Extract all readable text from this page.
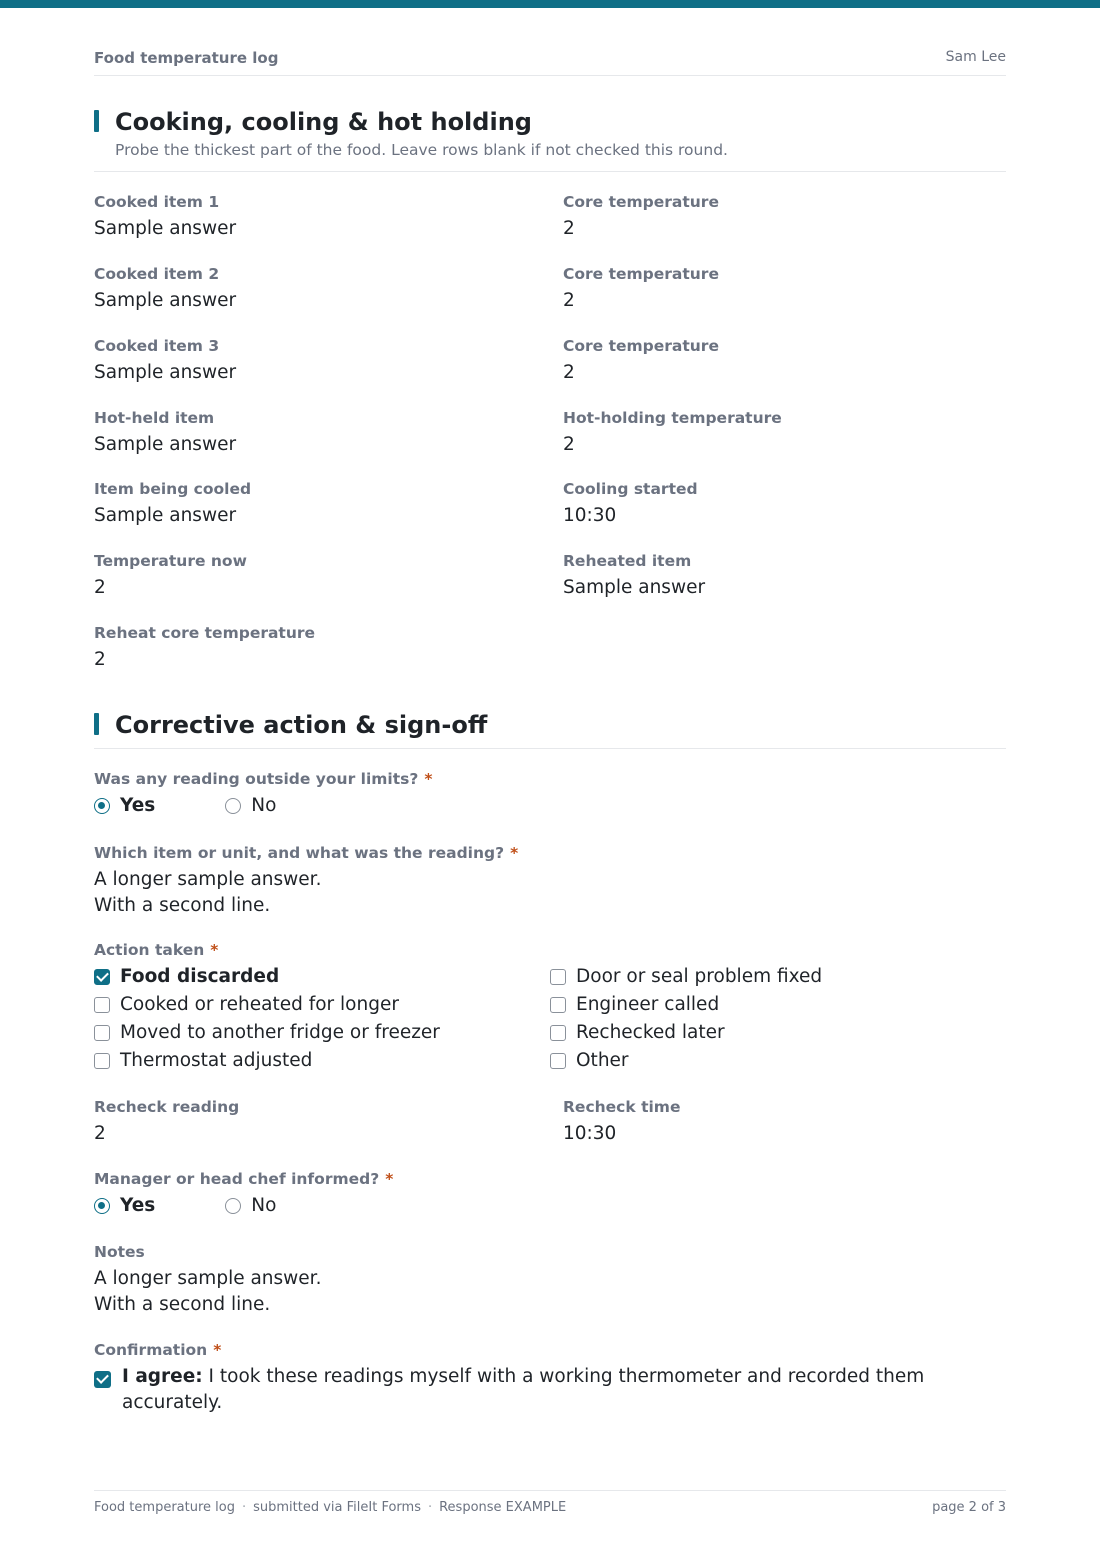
Food temperature log	Sam Lee
Cooking, cooling & hot holding
Probe the thickest part of the food. Leave rows blank if not checked this round.
Cooked item 1
Sample answer
Core temperature
2
Cooked item 2
Sample answer
Core temperature
2
Cooked item 3
Sample answer
Core temperature
2
Hot-held item
Sample answer
Hot-holding temperature
2
Item being cooled
Sample answer
Cooling started
10:30
Temperature now
2
Reheated item
Sample answer
Reheat core temperature
2
Corrective action & sign-off
Was any reading outside your limits? *
Yes	No
Which item or unit, and what was the reading? *
A longer sample answer.
With a second line.
Action taken *
Food discarded
Cooked or reheated for longer
Moved to another fridge or freezer
Thermostat adjusted
Door or seal problem fixed
Engineer called
Rechecked later
Other
Recheck reading
2
Recheck time
10:30
Manager or head chef informed? *
Yes	No
Notes
A longer sample answer.
With a second line.
Confirmation *
I agree: I took these readings myself with a working thermometer and recorded them accurately.
Food temperature log · submitted via FileIt Forms · Response EXAMPLE	page 2 of 3
